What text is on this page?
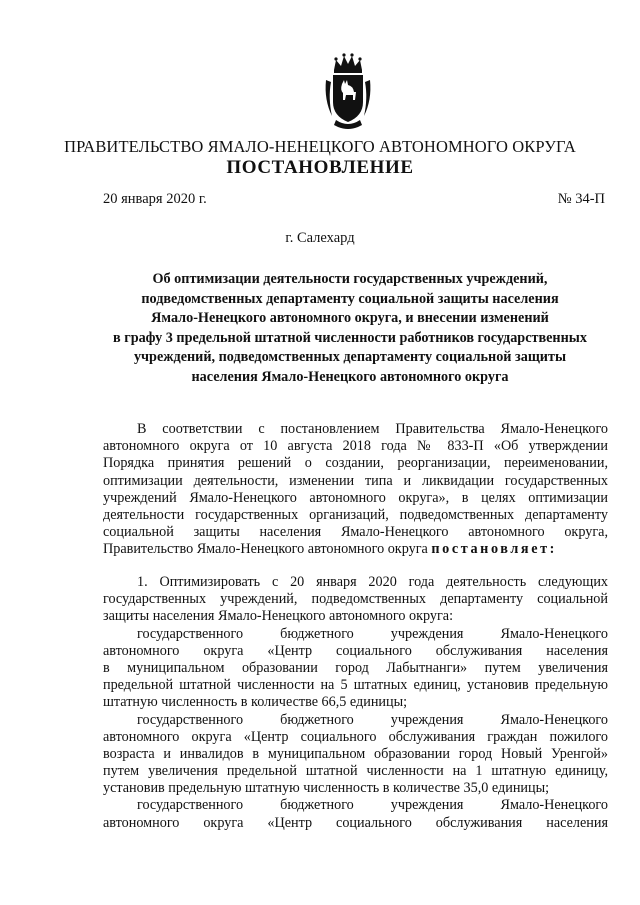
ПРАВИТЕЛЬСТВО ЯМАЛО-НЕНЕЦКОГО АВТОНОМНОГО ОКРУГА
ПОСТАНОВЛЕНИЕ
20 января 2020 г.	№ 34-П
г. Салехард
Об оптимизации деятельности государственных учреждений,
подведомственных департаменту социальной защиты населения
Ямало-Ненецкого автономного округа, и внесении изменений
в графу 3 предельной штатной численности работников государственных
учреждений, подведомственных департаменту социальной защиты
населения Ямало-Ненецкого автономного округа
В соответствии с постановлением Правительства Ямало-Ненецкого
автономного округа от 10 августа 2018 года № 833-П «Об утверждении
Порядка принятия решений о создании, реорганизации, переименовании,
оптимизации деятельности, изменении типа и ликвидации государственных
учреждений Ямало-Ненецкого автономного округа», в целях оптимизации
деятельности государственных организаций, подведомственных департаменту
социальной защиты населения Ямало-Ненецкого автономного округа,
Правительство Ямало-Ненецкого автономного округа постановляет:
1. Оптимизировать с 20 января 2020 года деятельность следующих
государственных учреждений, подведомственных департаменту социальной
защиты населения Ямало-Ненецкого автономного округа:
государственного бюджетного учреждения Ямало-Ненецкого
автономного округа «Центр социального обслуживания населения
в муниципальном образовании город Лабытнанги» путем увеличения
предельной штатной численности на 5 штатных единиц, установив предельную
штатную численность в количестве 66,5 единицы;
государственного бюджетного учреждения Ямало-Ненецкого
автономного округа «Центр социального обслуживания граждан пожилого
возраста и инвалидов в муниципальном образовании город Новый Уренгой»
путем увеличения предельной штатной численности на 1 штатную единицу,
установив предельную штатную численность в количестве 35,0 единицы;
государственного бюджетного учреждения Ямало-Ненецкого
автономного округа «Центр социального обслуживания населения
